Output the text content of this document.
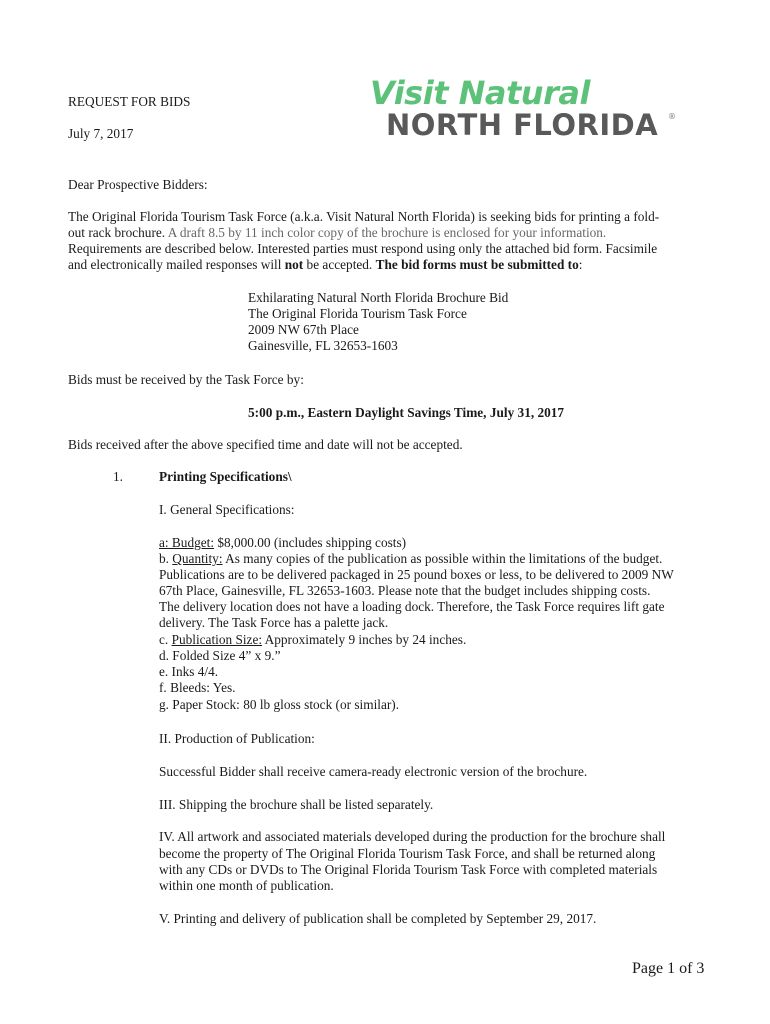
REQUEST FOR BIDS
July 7, 2017
Visit Natural
NORTH FLORIDA ®
Dear Prospective Bidders:
The Original Florida Tourism Task Force (a.k.a. Visit Natural North Florida) is seeking bids for printing a fold-
out rack brochure. A draft 8.5 by 11 inch color copy of the brochure is enclosed for your information.
Requirements are described below. Interested parties must respond using only the attached bid form. Facsimile
and electronically mailed responses will not be accepted. The bid forms must be submitted to:
Exhilarating Natural North Florida Brochure Bid
The Original Florida Tourism Task Force
2009 NW 67th Place
Gainesville, FL 32653-1603
Bids must be received by the Task Force by:
5:00 p.m., Eastern Daylight Savings Time, July 31, 2017
Bids received after the above specified time and date will not be accepted.
1.	Printing Specifications\
I. General Specifications:
a: Budget: $8,000.00 (includes shipping costs)
b. Quantity: As many copies of the publication as possible within the limitations of the budget.
Publications are to be delivered packaged in 25 pound boxes or less, to be delivered to 2009 NW
67th Place, Gainesville, FL 32653-1603. Please note that the budget includes shipping costs.
The delivery location does not have a loading dock. Therefore, the Task Force requires lift gate
delivery. The Task Force has a palette jack.
c. Publication Size: Approximately 9 inches by 24 inches.
d. Folded Size 4” x 9.”
e. Inks 4/4.
f. Bleeds: Yes.
g. Paper Stock: 80 lb gloss stock (or similar).
II. Production of Publication:
Successful Bidder shall receive camera-ready electronic version of the brochure.
III. Shipping the brochure shall be listed separately.
IV. All artwork and associated materials developed during the production for the brochure shall
become the property of The Original Florida Tourism Task Force, and shall be returned along
with any CDs or DVDs to The Original Florida Tourism Task Force with completed materials
within one month of publication.
V. Printing and delivery of publication shall be completed by September 29, 2017.
Page 1 of 3
